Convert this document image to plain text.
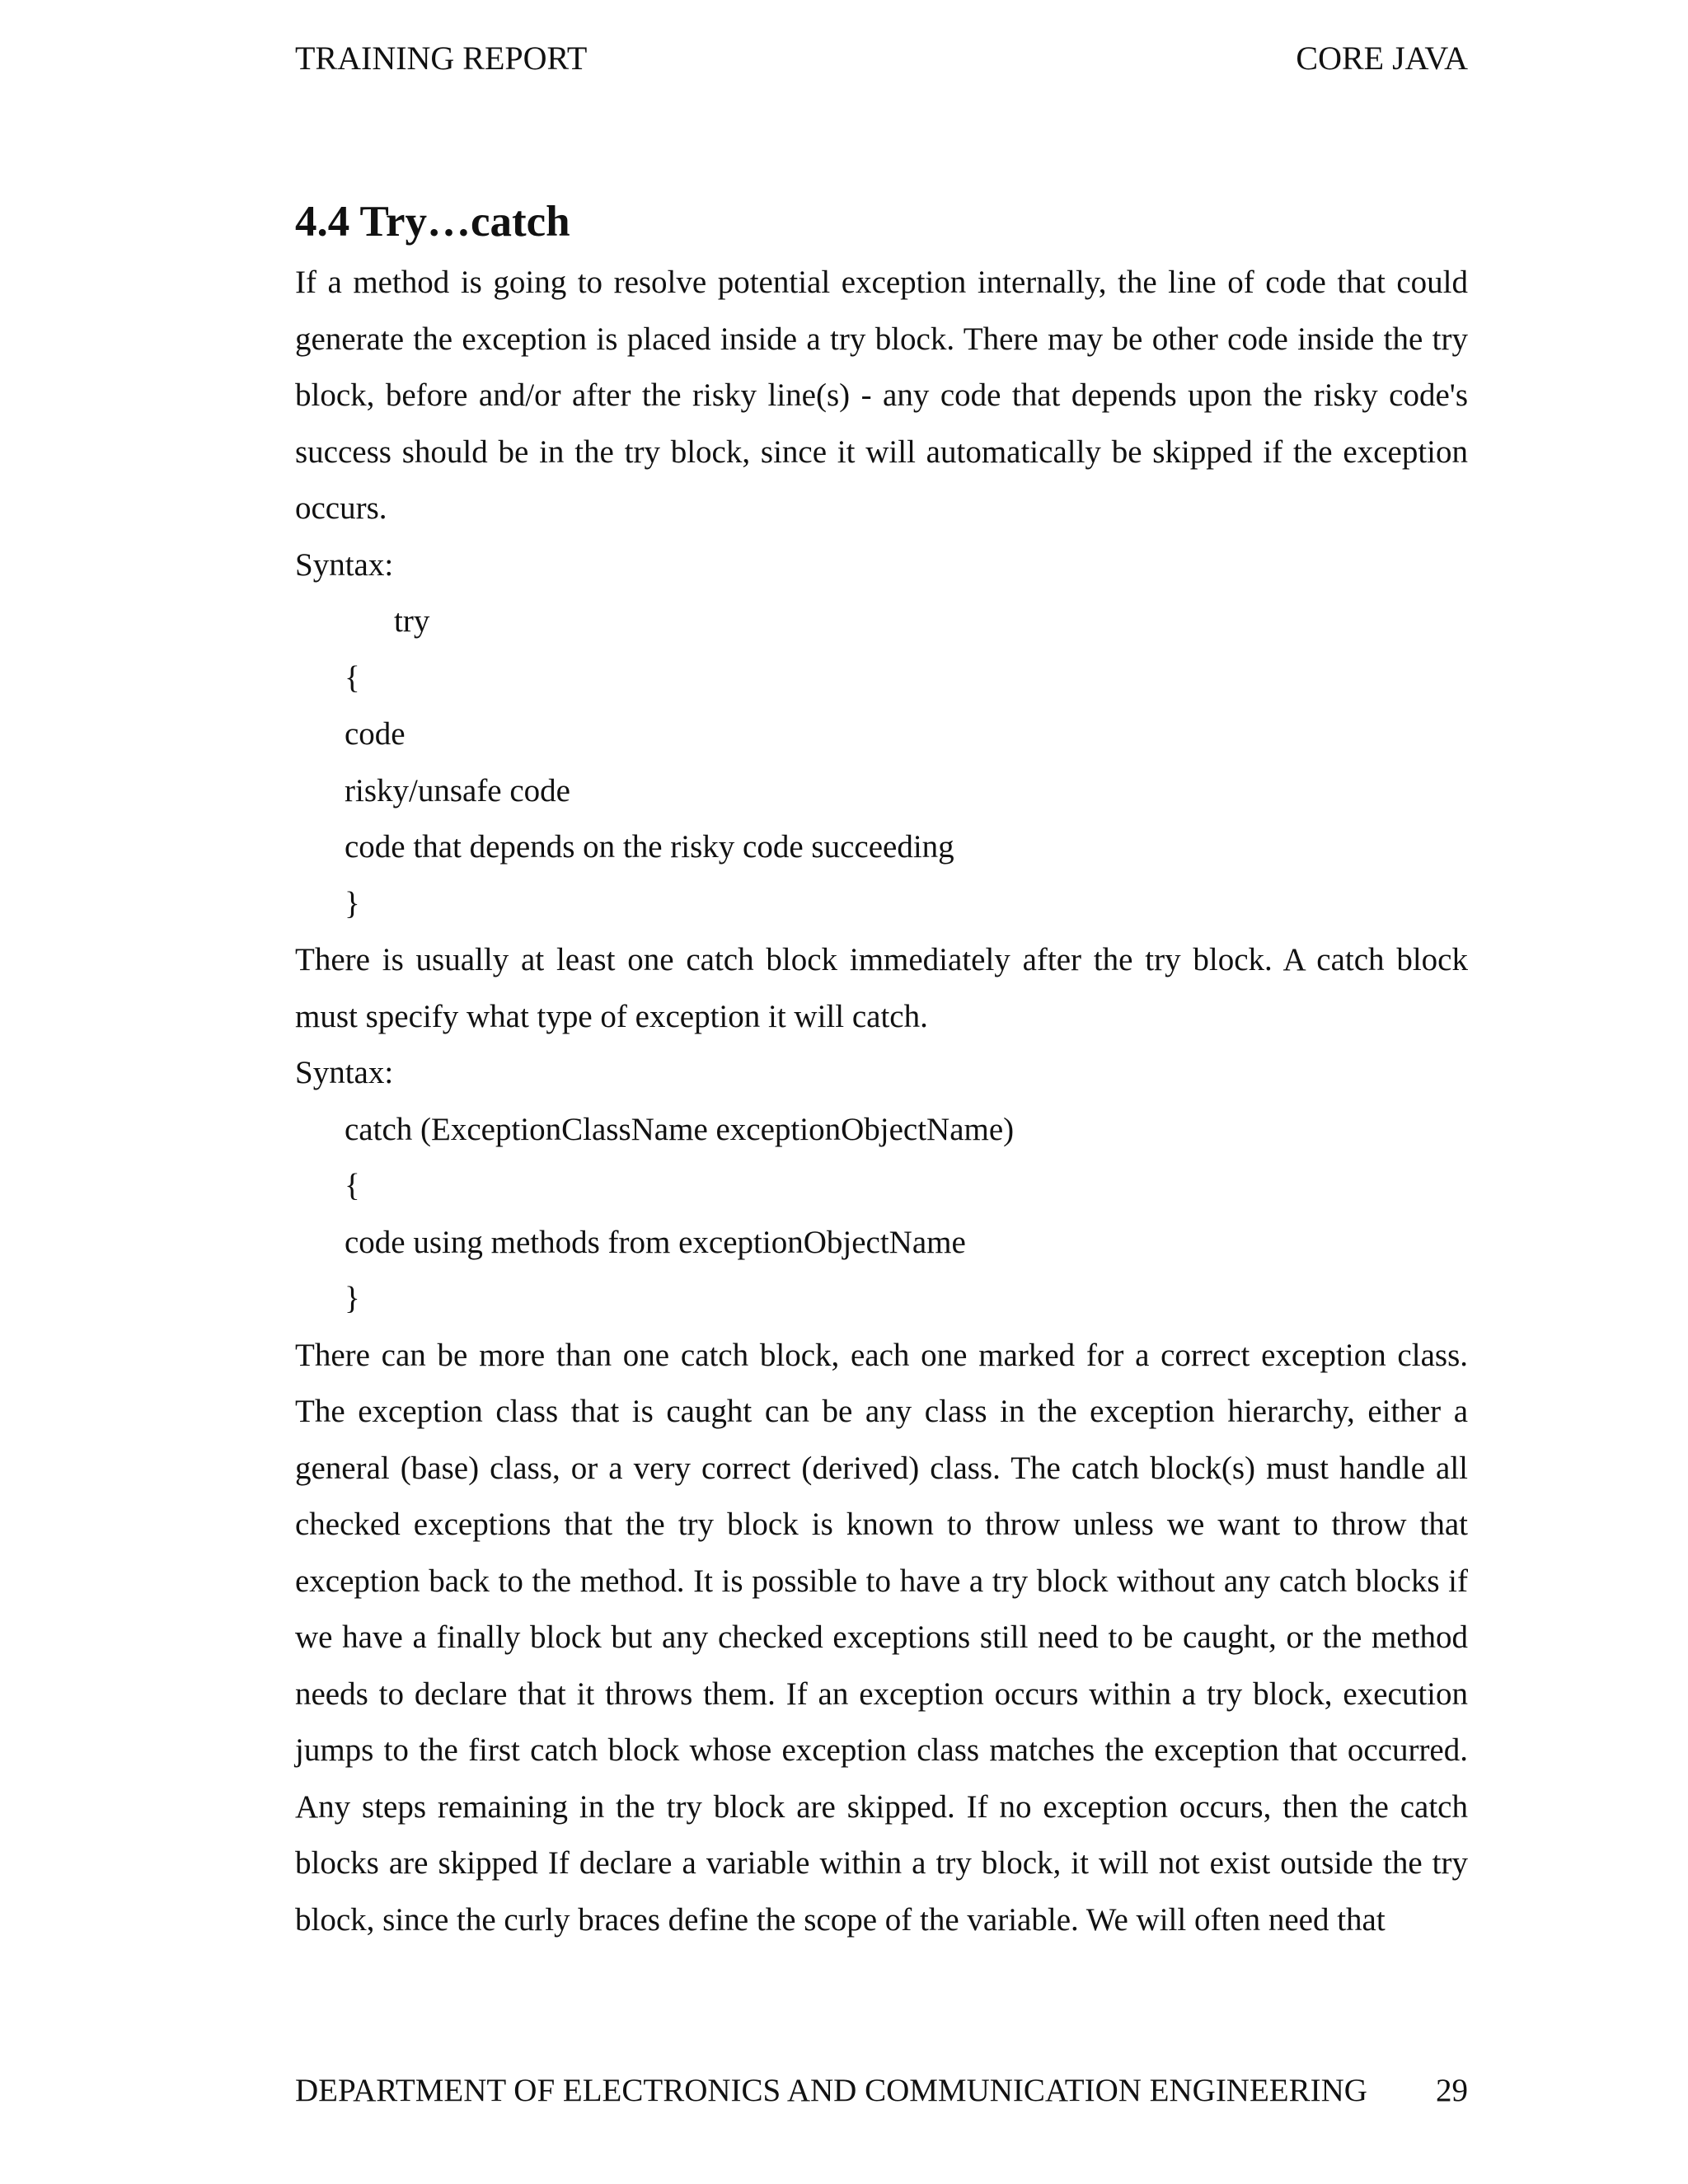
TRAINING REPORT	CORE JAVA
4.4 Try…catch

If a method is going to resolve potential exception internally, the line of code that could generate the exception is placed inside a try block. There may be other code inside the try block, before and/or after the risky line(s) - any code that depends upon the risky code's success should be in the try block, since it will automatically be skipped if the exception occurs.

Syntax:

try

{

code

risky/unsafe code

code that depends on the risky code succeeding

}

There is usually at least one catch block immediately after the try block. A catch block must specify what type of exception it will catch.

Syntax:

catch (ExceptionClassName exceptionObjectName)

{

code using methods from exceptionObjectName

}

There can be more than one catch block, each one marked for a correct exception class. The exception class that is caught can be any class in the exception hierarchy, either a general (base) class, or a very correct (derived) class. The catch block(s) must handle all checked exceptions that the try block is known to throw unless we want to throw that exception back to the method. It is possible to have a try block without any catch blocks if we have a finally block but any checked exceptions still need to be caught, or the method needs to declare that it throws them. If an exception occurs within a try block, execution jumps to the first catch block whose exception class matches the exception that occurred. Any steps remaining in the try block are skipped. If no exception occurs, then the catch blocks are skipped If declare a variable within a try block, it will not exist outside the try block, since the curly braces define the scope of the variable. We will often need that

DEPARTMENT OF ELECTRONICS AND COMMUNICATION ENGINEERING 29
